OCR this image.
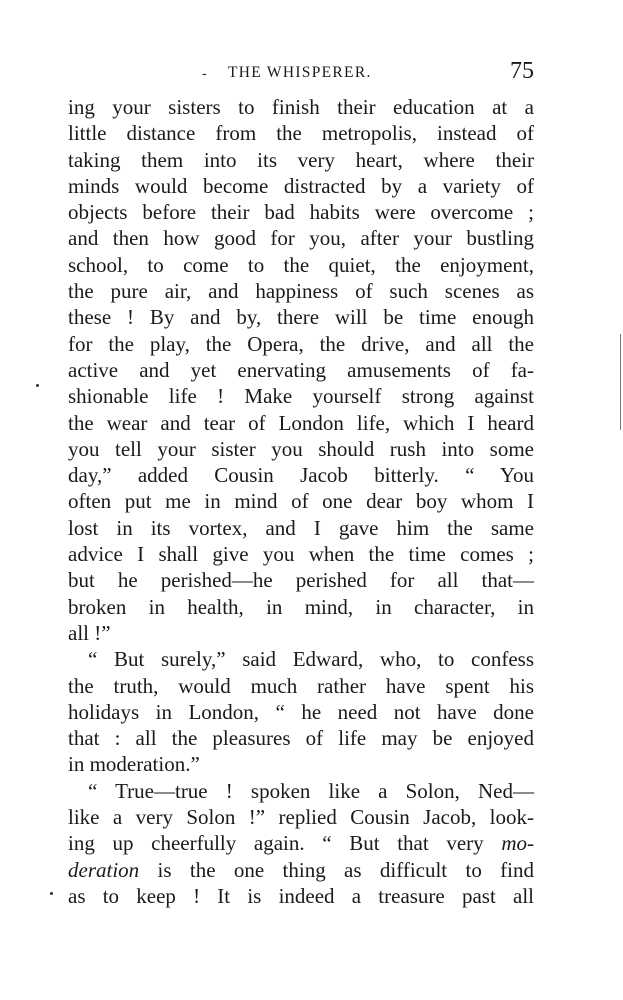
- THE WHISPERER.	75
ing your sisters to finish their education at a
little distance from the metropolis, instead of
taking them into its very heart, where their
minds would become distracted by a variety of
objects before their bad habits were overcome ;
and then how good for you, after your bustling
school, to come to the quiet, the enjoyment,
the pure air, and happiness of such scenes as
these ! By and by, there will be time enough
for the play, the Opera, the drive, and all the
active and yet enervating amusements of fa-
shionable life ! Make yourself strong against
the wear and tear of London life, which I heard
you tell your sister you should rush into some
day,” added Cousin Jacob bitterly. “ You
often put me in mind of one dear boy whom I
lost in its vortex, and I gave him the same
advice I shall give you when the time comes ;
but he perished—he perished for all that—
broken in health, in mind, in character, in
all !”
“ But surely,” said Edward, who, to confess
the truth, would much rather have spent his
holidays in London, “ he need not have done
that : all the pleasures of life may be enjoyed
in moderation.”
“ True—true ! spoken like a Solon, Ned—
like a very Solon !” replied Cousin Jacob, look-
ing up cheerfully again. “ But that very mo-
deration is the one thing as difficult to find
as to keep ! It is indeed a treasure past all
